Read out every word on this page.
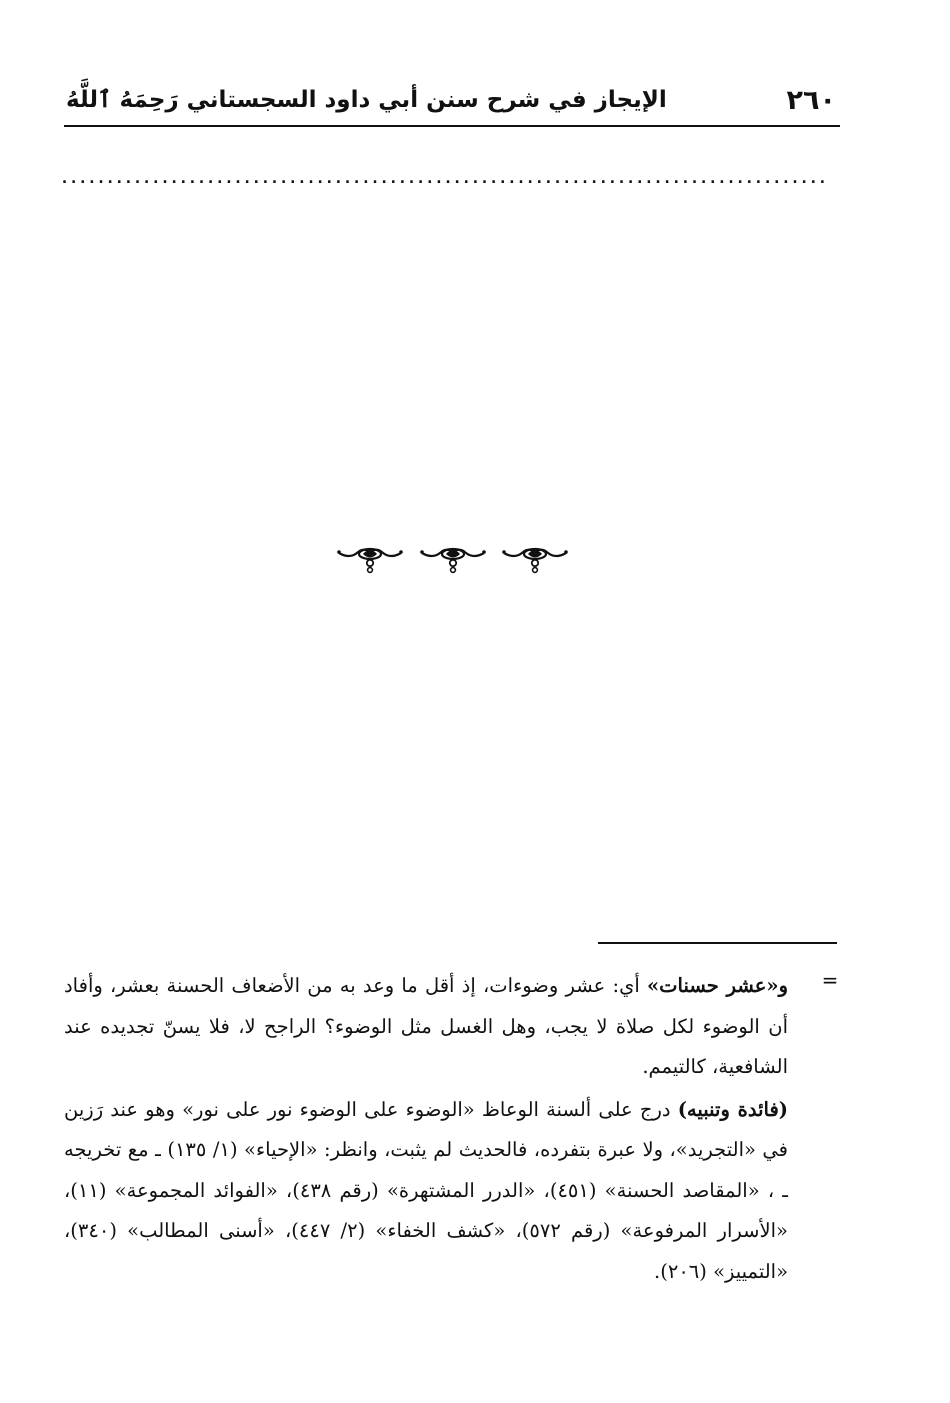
٢٦٠
الإيجاز في شرح سنن أبي داود السجستاني رَحِمَهُ ٱللَّهُ
....................................................................................
=

و«عشر حسنات» أي: عشر وضوءات، إذ أقل ما وعد به من الأضعاف الحسنة بعشر، وأفاد أن الوضوء لكل صلاة لا يجب، وهل الغسل مثل الوضوء؟ الراجح لا، فلا يسنّ تجديده عند الشافعية، كالتيمم.

(فائدة وتنبيه) درج على ألسنة الوعاظ «الوضوء على الوضوء نور على نور» وهو عند رَزين في «التجريد»، ولا عبرة بتفرده، فالحديث لم يثبت، وانظر: «الإحياء» (١/ ١٣٥) ـ مع تخريجه ـ ، «المقاصد الحسنة» (٤٥١)، «الدرر المشتهرة» (رقم ٤٣٨)، «الفوائد المجموعة» (١١)، «الأسرار المرفوعة» (رقم ٥٧٢)، «كشف الخفاء» (٢/ ٤٤٧)، «أسنى المطالب» (٣٤٠)، «التمييز» (٢٠٦).
